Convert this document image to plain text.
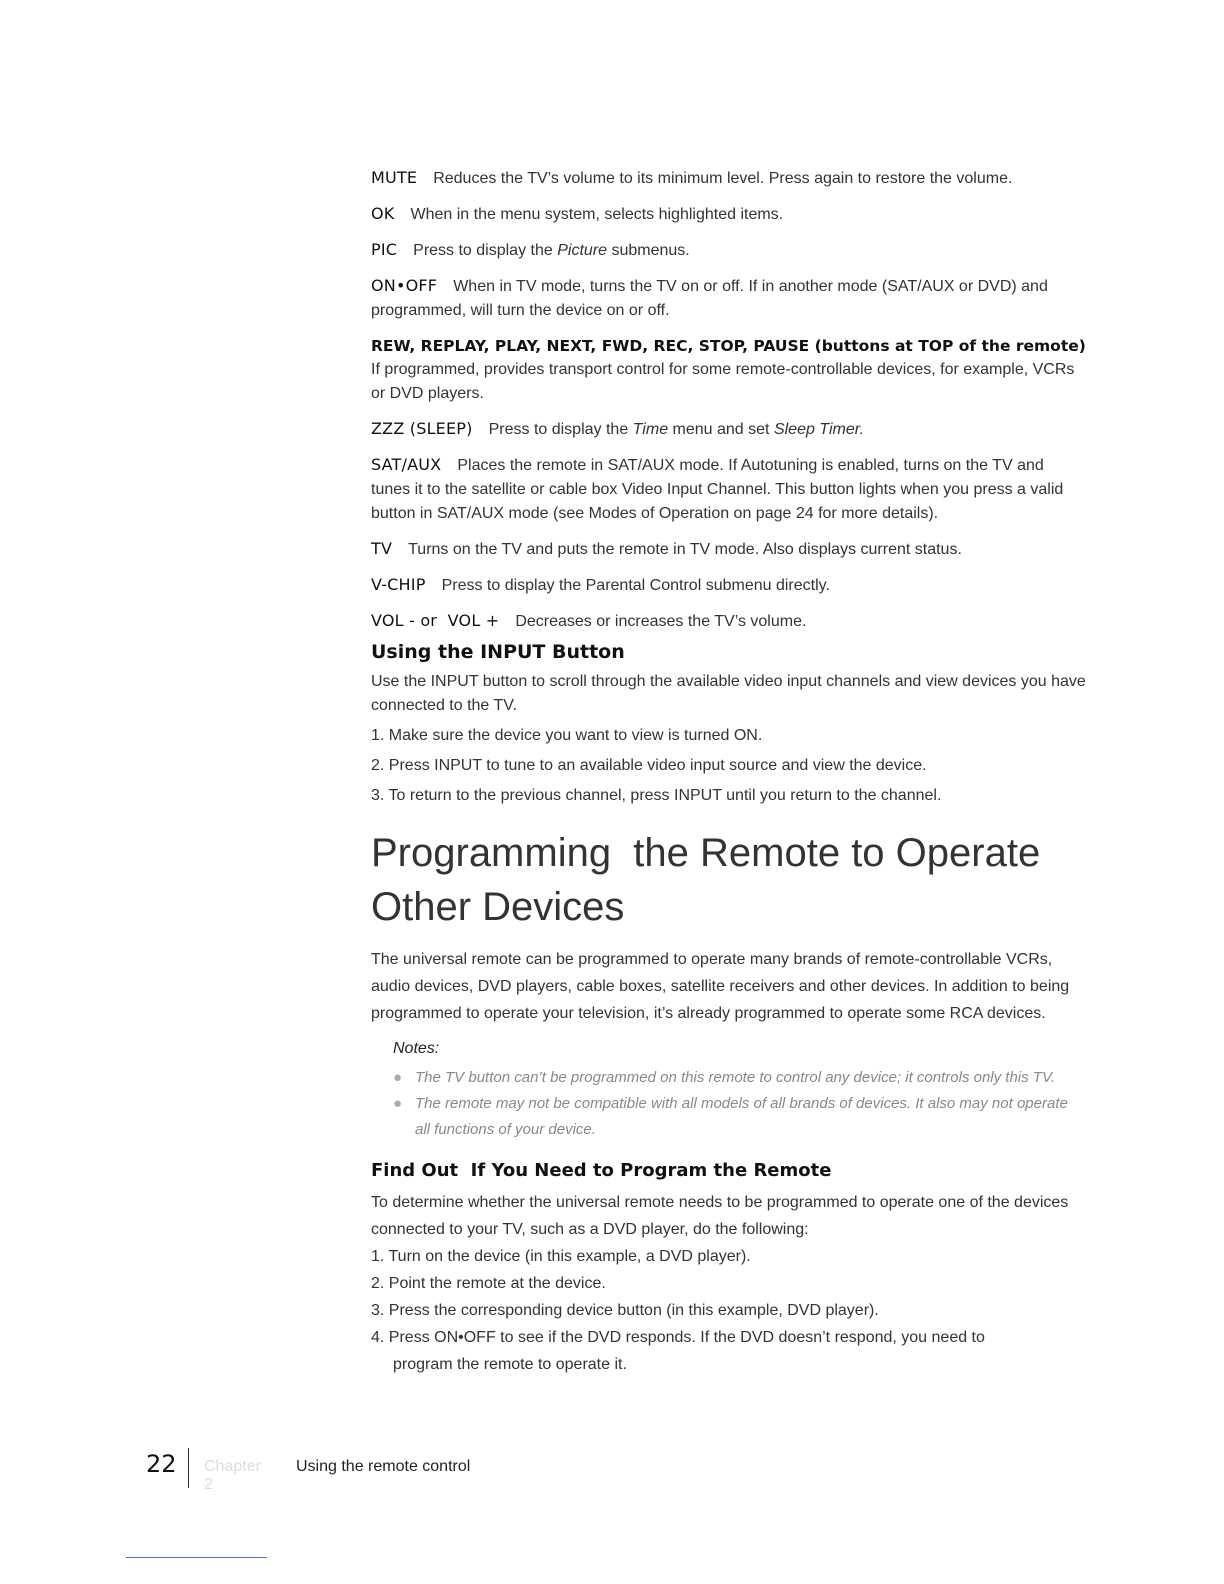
MUTE Reduces the TV’s volume to its minimum level. Press again to restore the volume.
OK When in the menu system, selects highlighted items.
PIC Press to display the Picture submenus.
ON•OFF When in TV mode, turns the TV on or off. If in another mode (SAT/AUX or DVD) and programmed, will turn the device on or off.
REW, REPLAY, PLAY, NEXT, FWD, REC, STOP, PAUSE (buttons at TOP of the remote)
If programmed, provides transport control for some remote-controllable devices, for example, VCRs or DVD players.
ZZZ (SLEEP) Press to display the Time menu and set Sleep Timer.
SAT/AUX Places the remote in SAT/AUX mode. If Autotuning is enabled, turns on the TV and tunes it to the satellite or cable box Video Input Channel. This button lights when you press a valid button in SAT/AUX mode (see Modes of Operation on page 24 for more details).
TV Turns on the TV and puts the remote in TV mode. Also displays current status.
V-CHIP Press to display the Parental Control submenu directly.
VOL - or  VOL + Decreases or increases the TV’s volume.
Using the INPUT Button
Use the INPUT button to scroll through the available video input channels and view devices you have connected to the TV.
1. Make sure the device you want to view is turned ON.
2. Press INPUT to tune to an available video input source and view the device.
3. To return to the previous channel, press INPUT until you return to the channel.
Programming  the Remote to Operate
Other Devices
The universal remote can be programmed to operate many brands of remote-controllable VCRs, audio devices, DVD players, cable boxes, satellite receivers and other devices. In addition to being programmed to operate your television, it’s already programmed to operate some RCA devices.
Notes:
● The TV button can’t be programmed on this remote to control any device; it controls only this TV.
● The remote may not be compatible with all models of all brands of devices. It also may not operate all functions of your device.
Find Out  If You Need to Program the Remote
To determine whether the universal remote needs to be programmed to operate one of the devices connected to your TV, such as a DVD player, do the following:
1. Turn on the device (in this example, a DVD player).
2. Point the remote at the device.
3. Press the corresponding device button (in this example, DVD player).
4. Press ON•OFF to see if the DVD responds. If the DVD doesn’t respond, you need to
program the remote to operate it.
22 Chapter 2
Using the remote control
